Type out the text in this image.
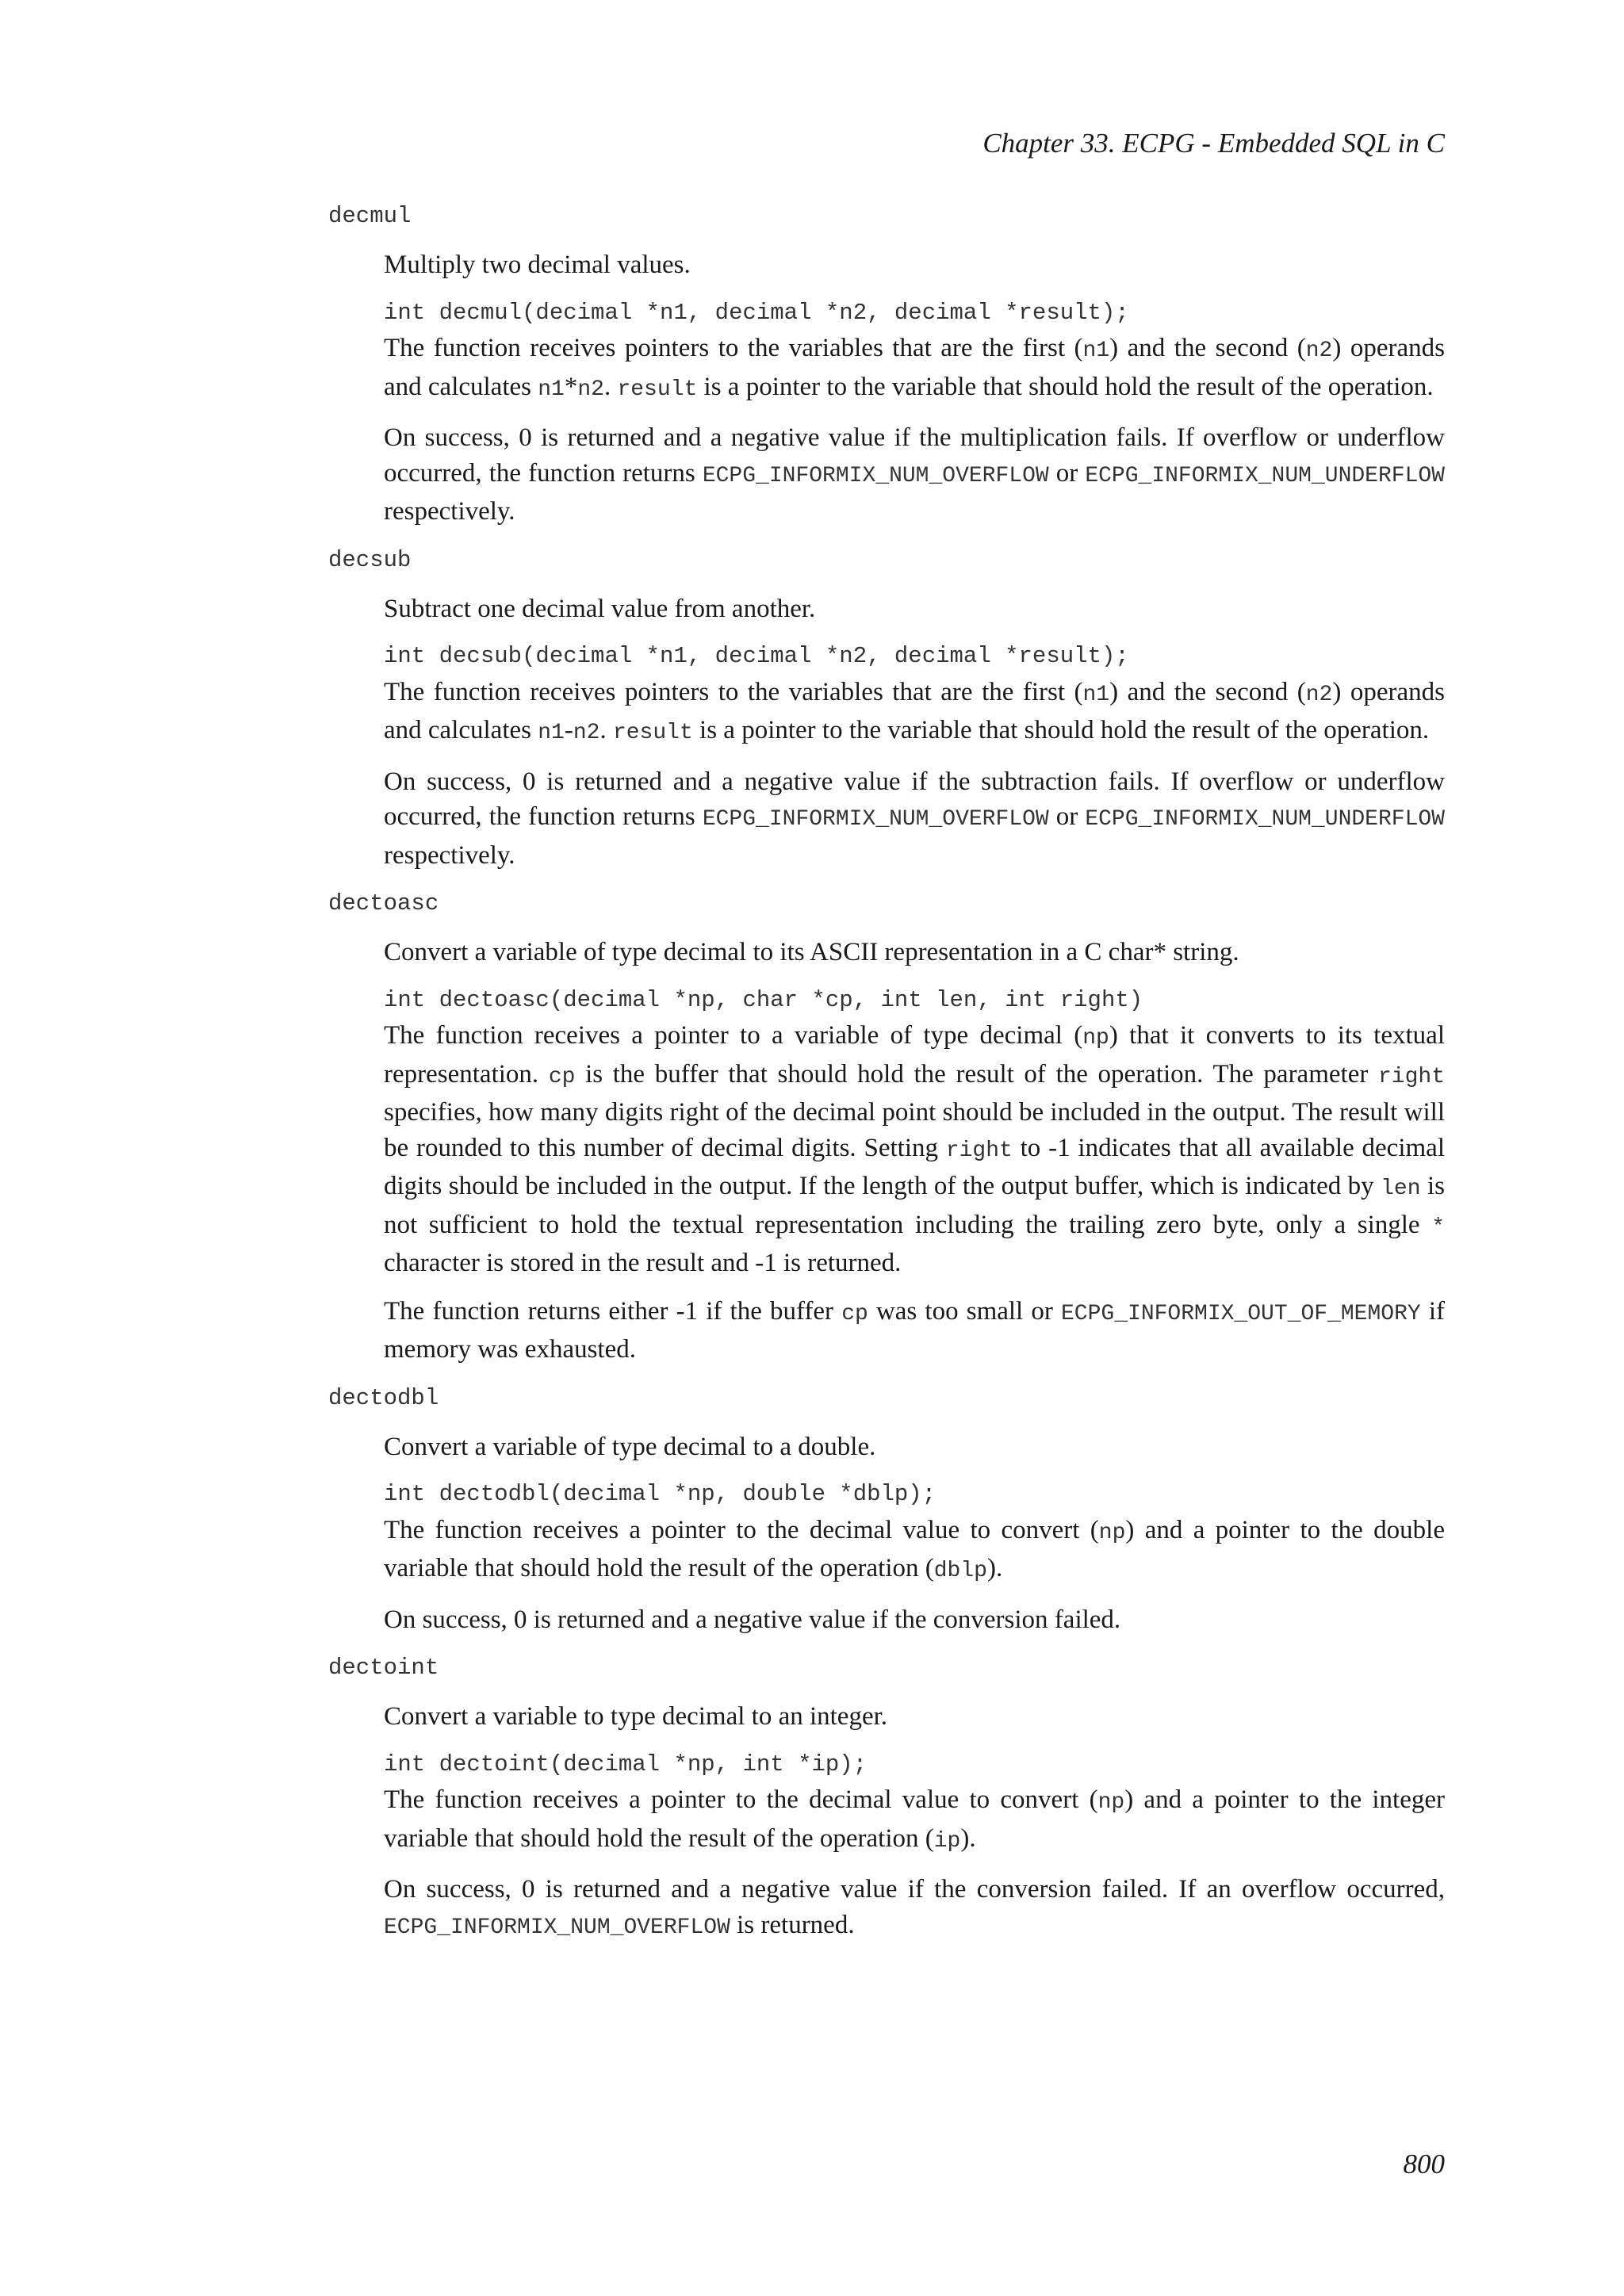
Chapter 33. ECPG - Embedded SQL in C
decmul

Multiply two decimal values.

int decmul(decimal *n1, decimal *n2, decimal *result);

The function receives pointers to the variables that are the first (n1) and the second (n2) operands and calculates n1*n2. result is a pointer to the variable that should hold the result of the operation.

On success, 0 is returned and a negative value if the multiplication fails. If overflow or underflow occurred, the function returns ECPG_INFORMIX_NUM_OVERFLOW or ECPG_INFORMIX_NUM_UNDERFLOW respectively.

decsub

Subtract one decimal value from another.

int decsub(decimal *n1, decimal *n2, decimal *result);

The function receives pointers to the variables that are the first (n1) and the second (n2) operands and calculates n1-n2. result is a pointer to the variable that should hold the result of the operation.

On success, 0 is returned and a negative value if the subtraction fails. If overflow or underflow occurred, the function returns ECPG_INFORMIX_NUM_OVERFLOW or ECPG_INFORMIX_NUM_UNDERFLOW respectively.

dectoasc

Convert a variable of type decimal to its ASCII representation in a C char* string.

int dectoasc(decimal *np, char *cp, int len, int right)

The function receives a pointer to a variable of type decimal (np) that it converts to its textual representation. cp is the buffer that should hold the result of the operation. The parameter right specifies, how many digits right of the decimal point should be included in the output. The result will be rounded to this number of decimal digits. Setting right to -1 indicates that all available decimal digits should be included in the output. If the length of the output buffer, which is indicated by len is not sufficient to hold the textual representation including the trailing zero byte, only a single * character is stored in the result and -1 is returned.

The function returns either -1 if the buffer cp was too small or ECPG_INFORMIX_OUT_OF_MEMORY if memory was exhausted.

dectodbl

Convert a variable of type decimal to a double.

int dectodbl(decimal *np, double *dblp);

The function receives a pointer to the decimal value to convert (np) and a pointer to the double variable that should hold the result of the operation (dblp).

On success, 0 is returned and a negative value if the conversion failed.

dectoint

Convert a variable to type decimal to an integer.

int dectoint(decimal *np, int *ip);

The function receives a pointer to the decimal value to convert (np) and a pointer to the integer variable that should hold the result of the operation (ip).

On success, 0 is returned and a negative value if the conversion failed. If an overflow occurred, ECPG_INFORMIX_NUM_OVERFLOW is returned.

800
